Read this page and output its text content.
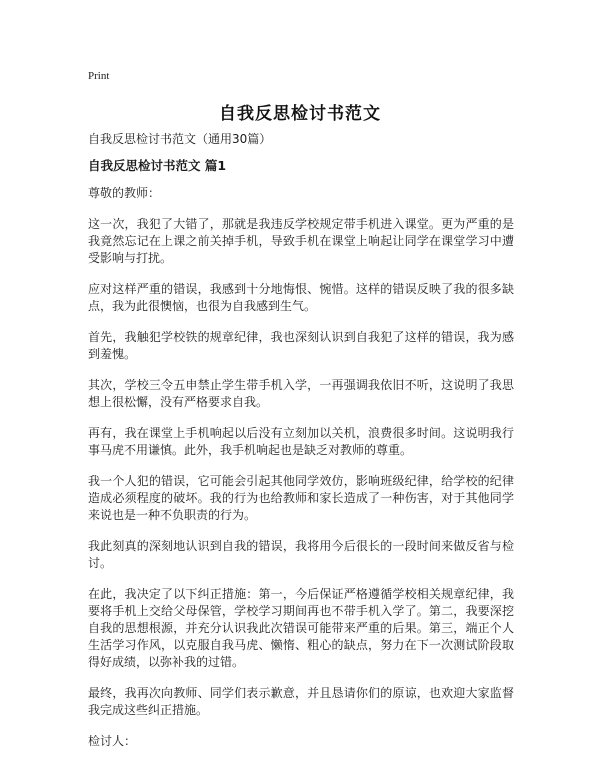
Print
自我反思检讨书范文

自我反思检讨书范文（通用30篇）

自我反思检讨书范文 篇1

尊敬的教师：

这一次，我犯了大错了，那就是我违反学校规定带手机进入课堂。更为严重的是我竟然忘记在上课之前关掉手机，导致手机在课堂上响起让同学在课堂学习中遭受影响与打扰。

应对这样严重的错误，我感到十分地悔恨、惋惜。这样的错误反映了我的很多缺点，我为此很懊恼，也很为自我感到生气。

首先，我触犯学校铁的规章纪律，我也深刻认识到自我犯了这样的错误，我为感到羞愧。

其次，学校三令五申禁止学生带手机入学，一再强调我依旧不听，这说明了我思想上很松懈，没有严格要求自我。

再有，我在课堂上手机响起以后没有立刻加以关机，浪费很多时间。这说明我行事马虎不用谦慎。此外，我手机响起也是缺乏对教师的尊重。

我一个人犯的错误，它可能会引起其他同学效仿，影响班级纪律，给学校的纪律造成必须程度的破坏。我的行为也给教师和家长造成了一种伤害，对于其他同学来说也是一种不负职责的行为。

我此刻真的深刻地认识到自我的错误，我将用今后很长的一段时间来做反省与检讨。

在此，我决定了以下纠正措施：第一，今后保证严格遵循学校相关规章纪律，我要将手机上交给父母保管，学校学习期间再也不带手机入学了。第二，我要深挖自我的思想根源，并充分认识我此次错误可能带来严重的后果。第三，端正个人生活学习作风，以克服自我马虎、懒惰、粗心的缺点，努力在下一次测试阶段取得好成绩，以弥补我的过错。

最终，我再次向教师、同学们表示歉意，并且恳请你们的原谅，也欢迎大家监督我完成这些纠正措施。

检讨人：
